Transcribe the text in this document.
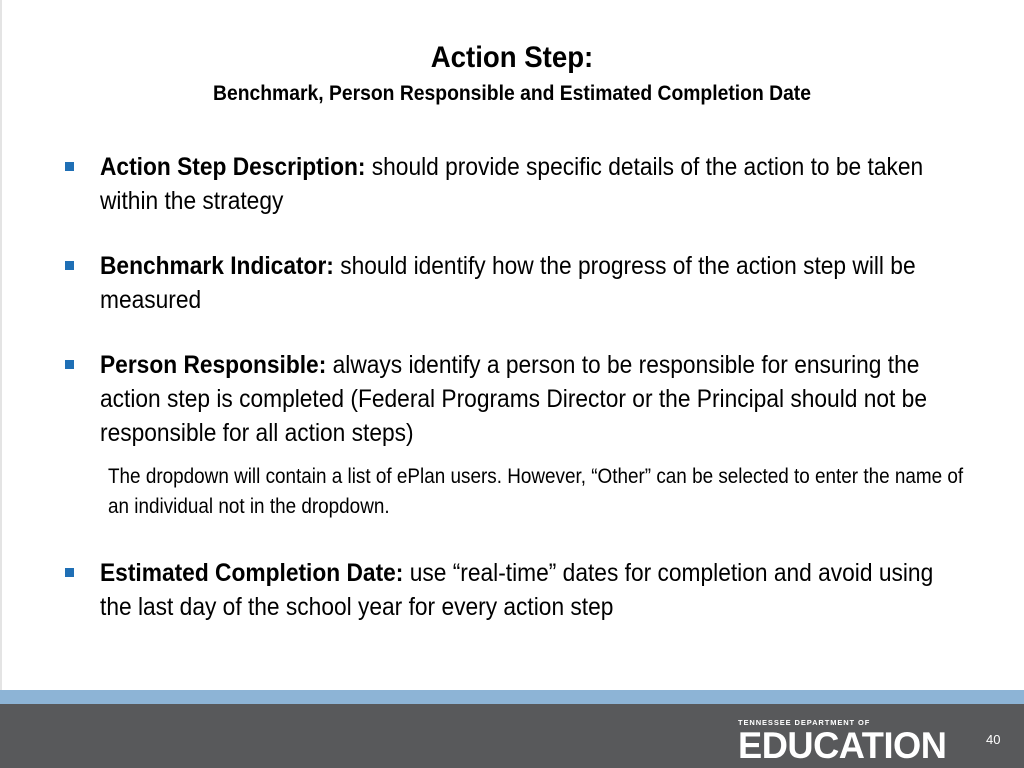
Action Step:
Benchmark, Person Responsible and Estimated Completion Date
Action Step Description: should provide specific details of the action to be taken within the strategy
Benchmark Indicator: should identify how the progress of the action step will be measured
Person Responsible: always identify a person to be responsible for ensuring the action step is completed (Federal Programs Director or the Principal should not be responsible for all action steps)
The dropdown will contain a list of ePlan users. However, “Other” can be selected to enter the name of an individual not in the dropdown.
Estimated Completion Date: use “real-time” dates for completion and avoid using the last day of the school year for every action step
TENNESSEE DEPARTMENT OF
EDUCATION	40
